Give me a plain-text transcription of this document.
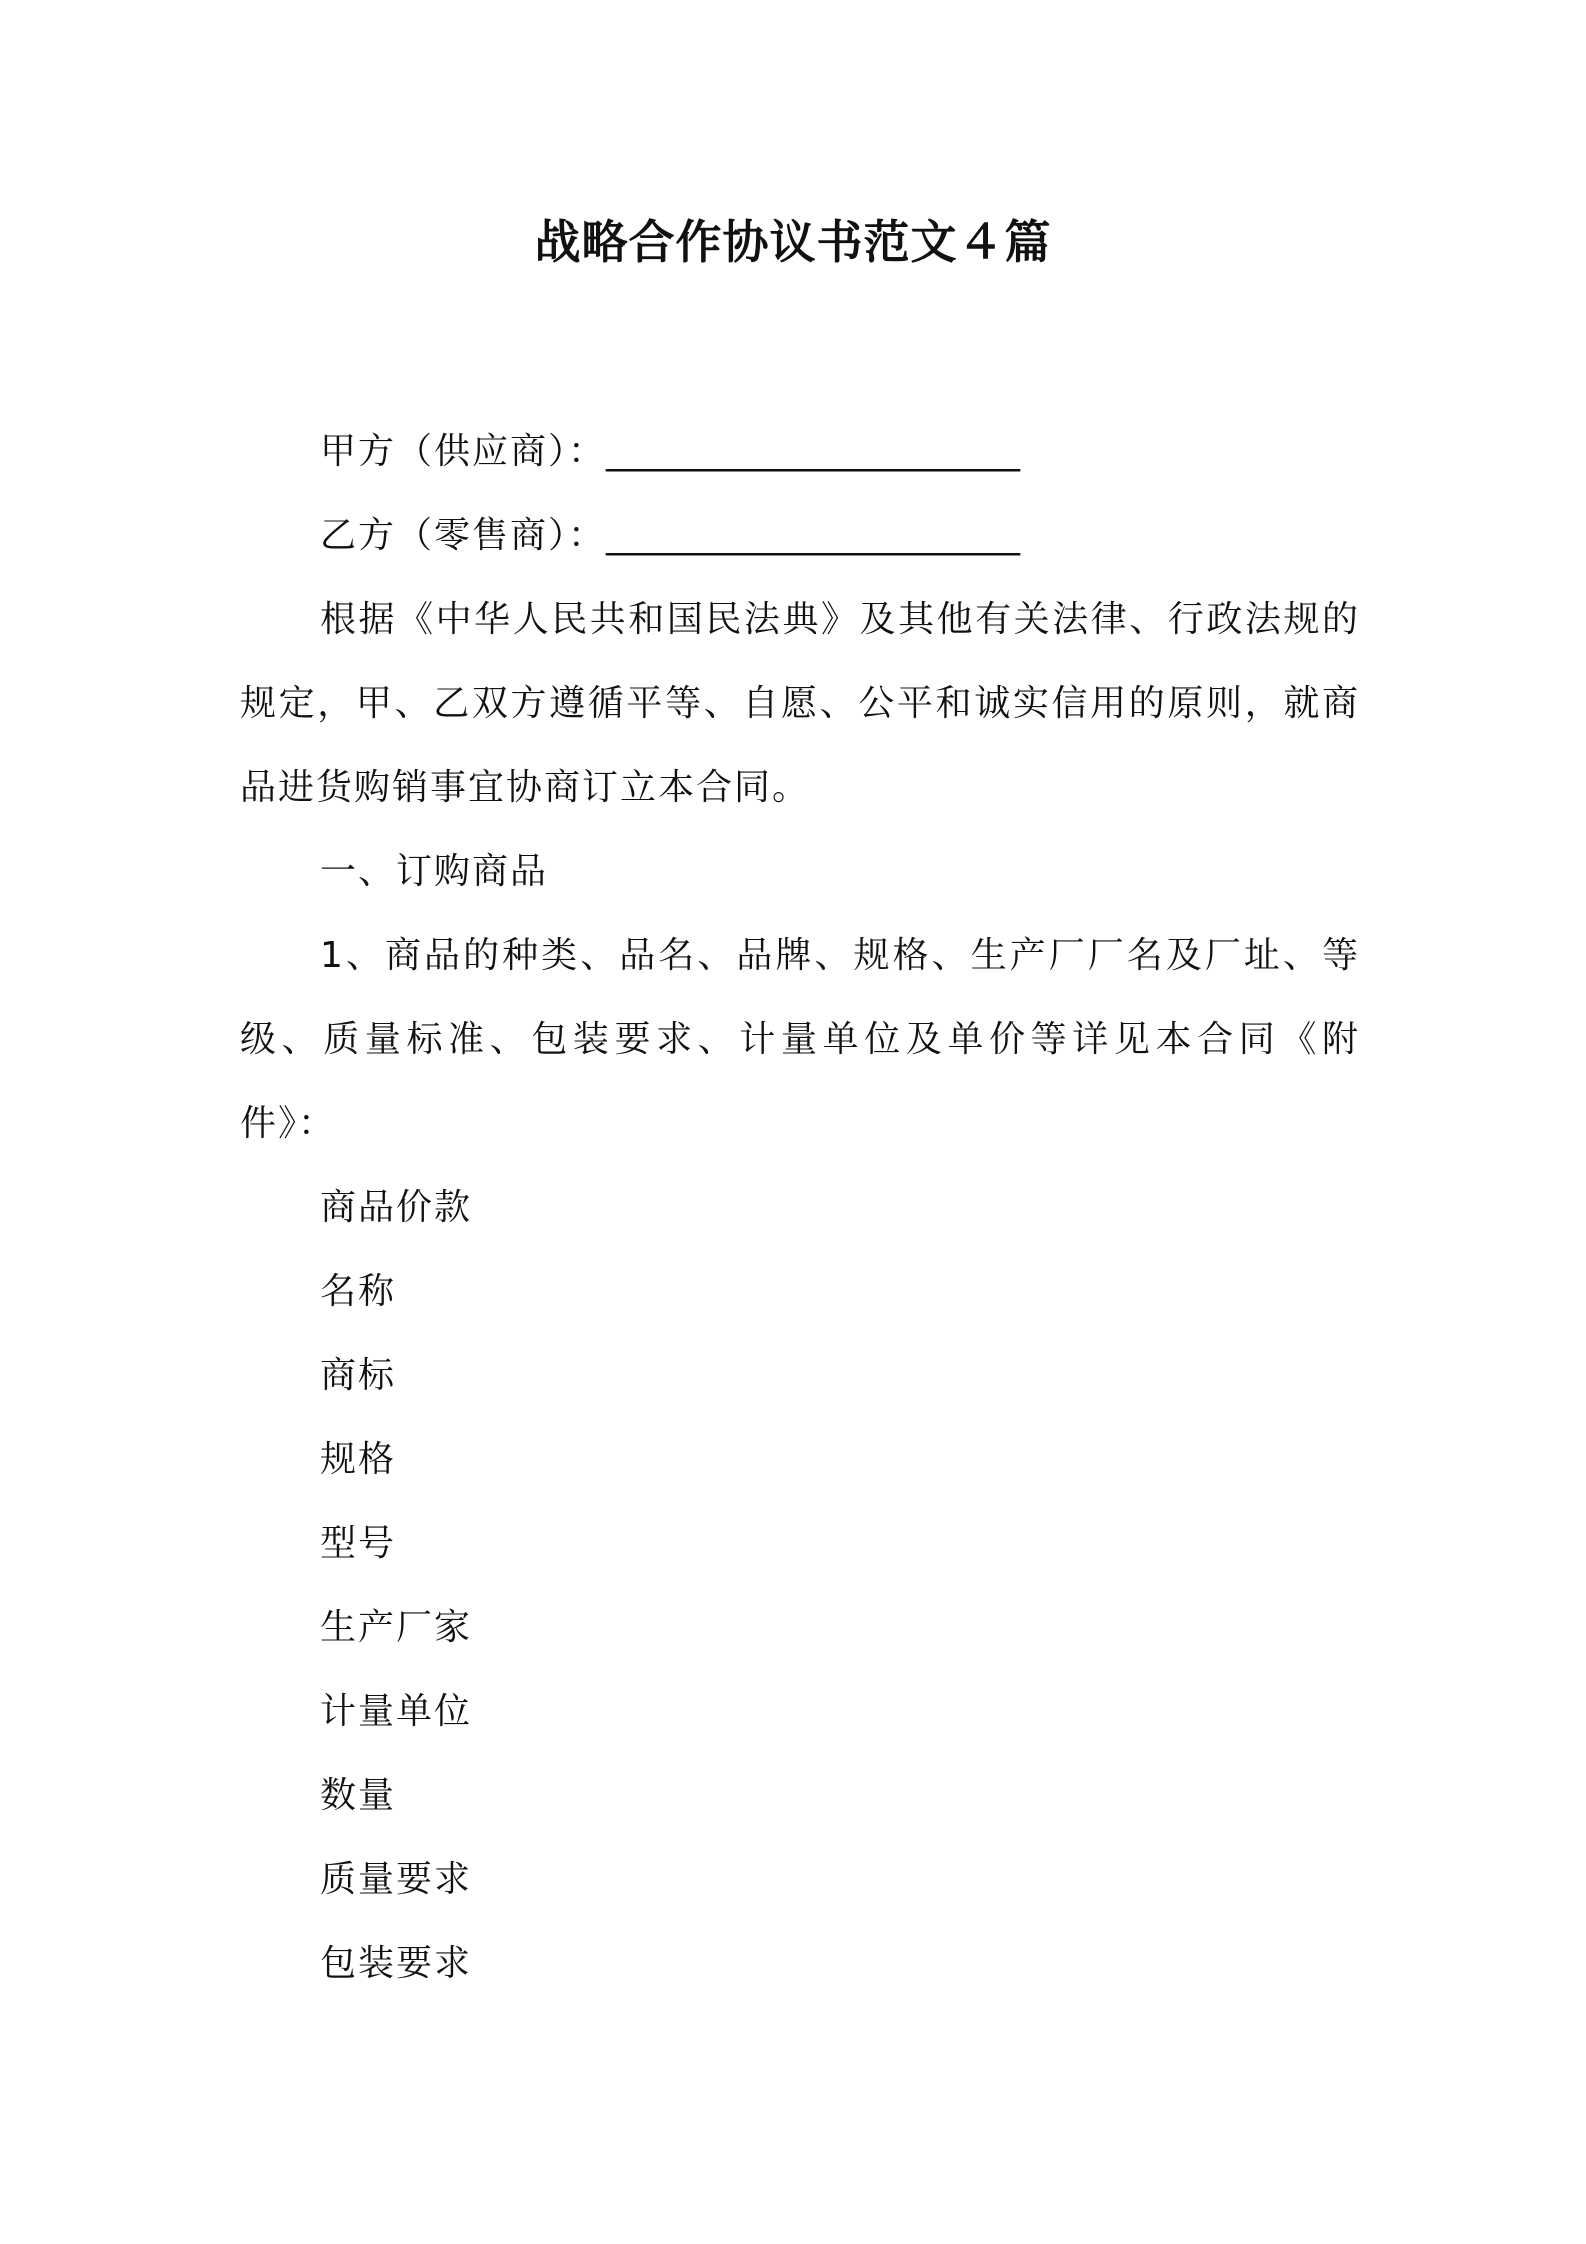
战略合作协议书范文４篇

甲方（供应商）：_______________________

乙方（零售商）：_______________________

根据《中华人民共和国民法典》及其他有关法律、行政法规的规定，甲、乙双方遵循平等、自愿、公平和诚实信用的原则，就商品进货购销事宜协商订立本合同。

一、订购商品

1、商品的种类、品名、品牌、规格、生产厂厂名及厂址、等级、质量标准、包装要求、计量单位及单价等详见本合同《附件》：

商品价款

名称

商标

规格

型号

生产厂家

计量单位

数量

质量要求

包装要求
